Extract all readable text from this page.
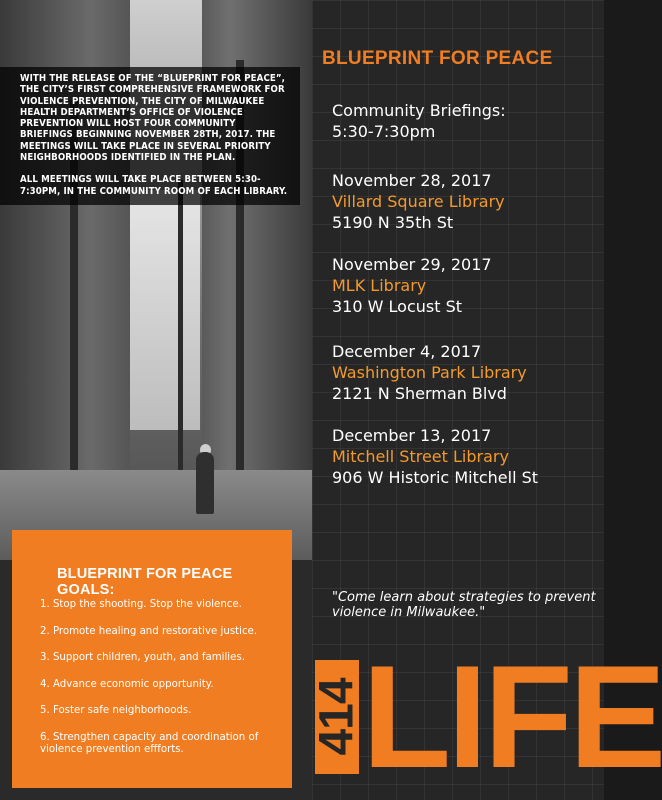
WITH THE RELEASE OF THE “BLUEPRINT FOR PEACE”, THE CITY’S FIRST COMPREHENSIVE FRAMEWORK FOR VIOLENCE PREVENTION, THE CITY OF MILWAUKEE HEALTH DEPARTMENT’S OFFICE OF VIOLENCE PREVENTION WILL HOST FOUR COMMUNITY BRIEFINGS BEGINNING NOVEMBER 28TH, 2017. THE MEETINGS WILL TAKE PLACE IN SEVERAL PRIORITY NEIGHBORHOODS IDENTIFIED IN THE PLAN.

ALL MEETINGS WILL TAKE PLACE BETWEEN 5:30-7:30PM, IN THE COMMUNITY ROOM OF EACH LIBRARY.

BLUEPRINT FOR PEACE
Community Briefings:
5:30-7:30pm
November 28, 2017
Villard Square Library
5190 N 35th St
November 29, 2017
MLK Library
310 W Locust St
December 4, 2017
Washington Park Library
2121 N Sherman Blvd
December 13, 2017
Mitchell Street Library
906 W Historic Mitchell St
"Come learn about strategies to prevent violence in Milwaukee."
414
LIFE
BLUEPRINT FOR PEACE GOALS:
1. Stop the shooting. Stop the violence.
2. Promote healing and restorative justice.
3. Support children, youth, and families.
4. Advance economic opportunity.
5. Foster safe neighborhoods.
6. Strengthen capacity and coordination of violence prevention effforts.
